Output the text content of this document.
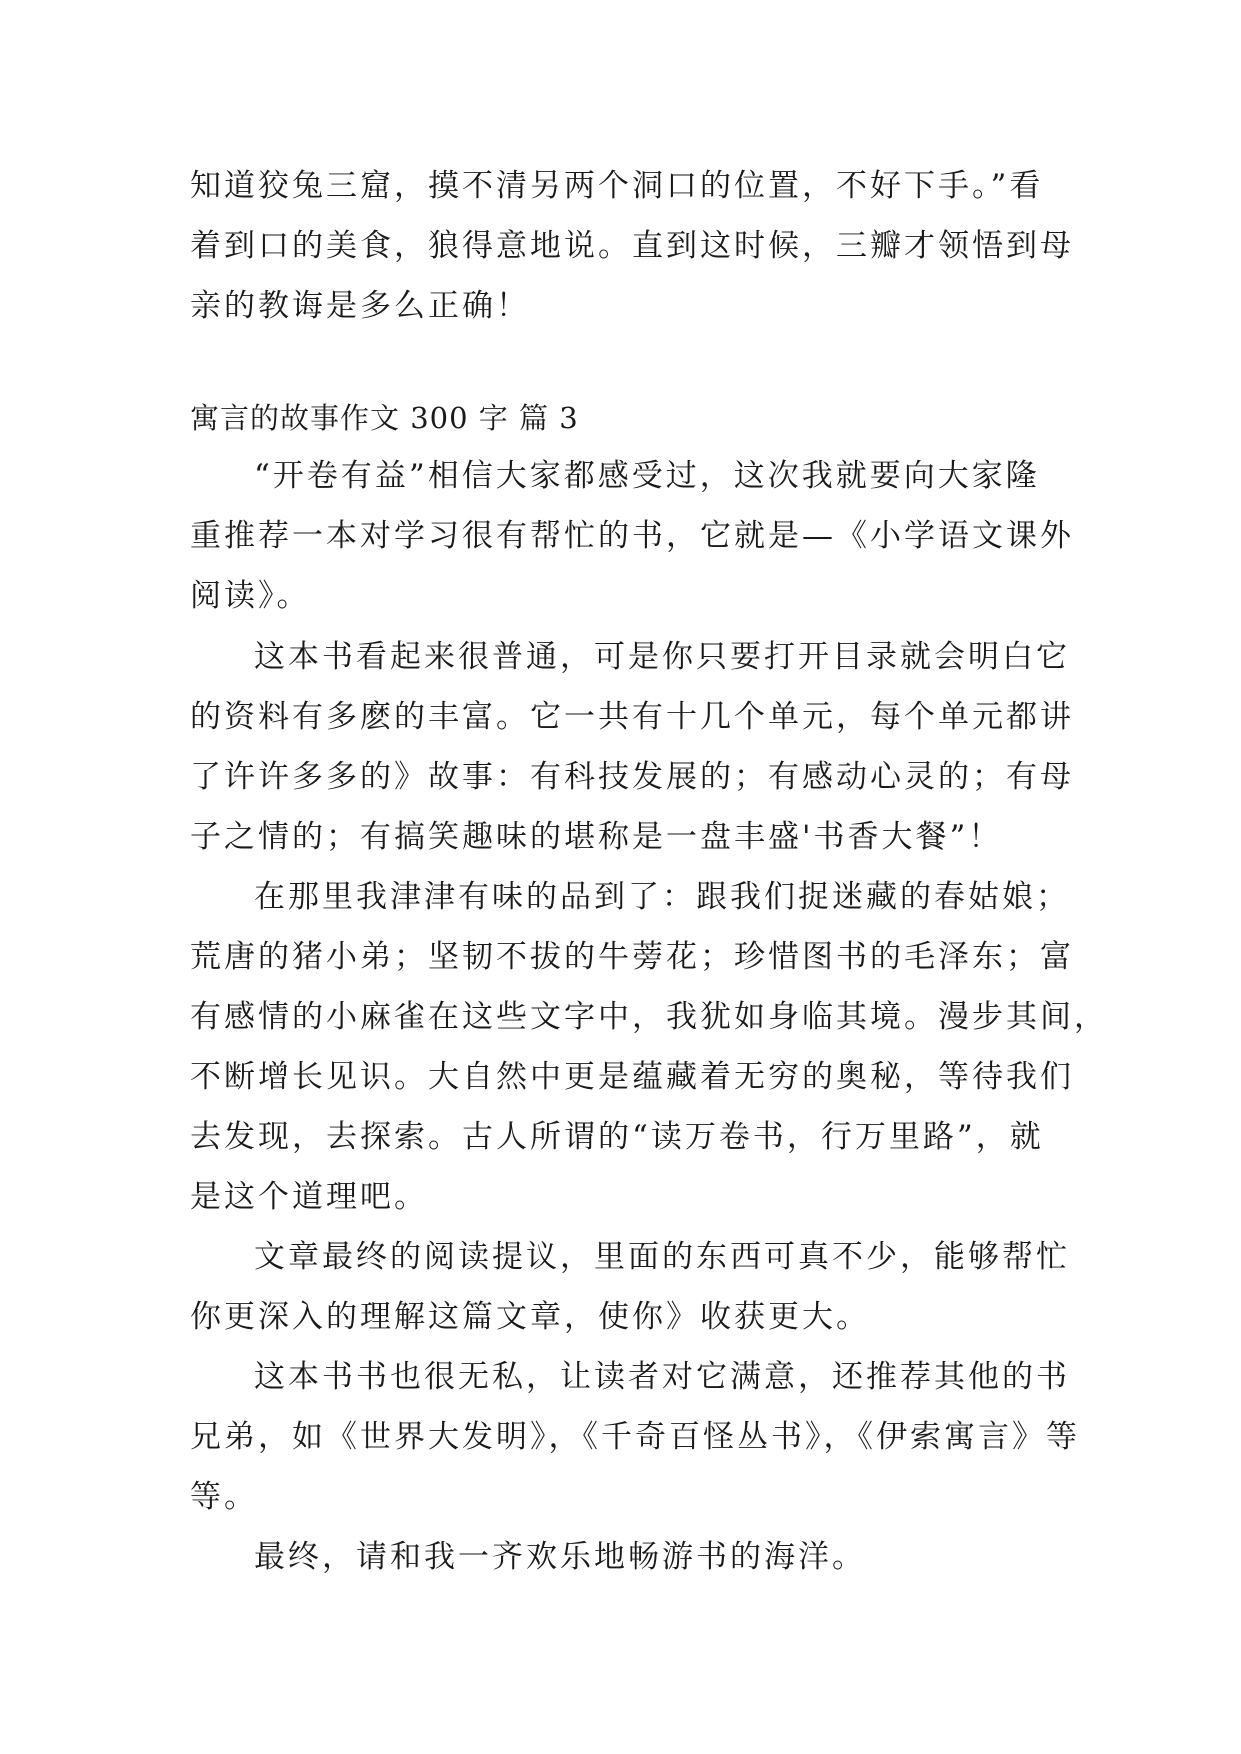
知道狡兔三窟，摸不清另两个洞口的位置，不好下手。”看
着到口的美食，狼得意地说。直到这时候，三瓣才领悟到母
亲的教诲是多么正确！
寓言的故事作文 300 字 篇 3
“开卷有益”相信大家都感受过，这次我就要向大家隆
重推荐一本对学习很有帮忙的书，它就是—《小学语文课外
阅读》。
这本书看起来很普通，可是你只要打开目录就会明白它
的资料有多麽的丰富。它一共有十几个单元，每个单元都讲
了许许多多的》故事：有科技发展的；有感动心灵的；有母
子之情的；有搞笑趣味的堪称是一盘丰盛'书香大餐”！
在那里我津津有味的品到了：跟我们捉迷藏的春姑娘；
荒唐的猪小弟；坚韧不拔的牛蒡花；珍惜图书的毛泽东；富
有感情的小麻雀在这些文字中，我犹如身临其境。漫步其间，
不断增长见识。大自然中更是蕴藏着无穷的奥秘，等待我们
去发现，去探索。古人所谓的“读万卷书，行万里路”，就
是这个道理吧。
文章最终的阅读提议，里面的东西可真不少，能够帮忙
你更深入的理解这篇文章，使你》收获更大。
这本书书也很无私，让读者对它满意，还推荐其他的书
兄弟，如《世界大发明》，《千奇百怪丛书》，《伊索寓言》等
等。
最终，请和我一齐欢乐地畅游书的海洋。
